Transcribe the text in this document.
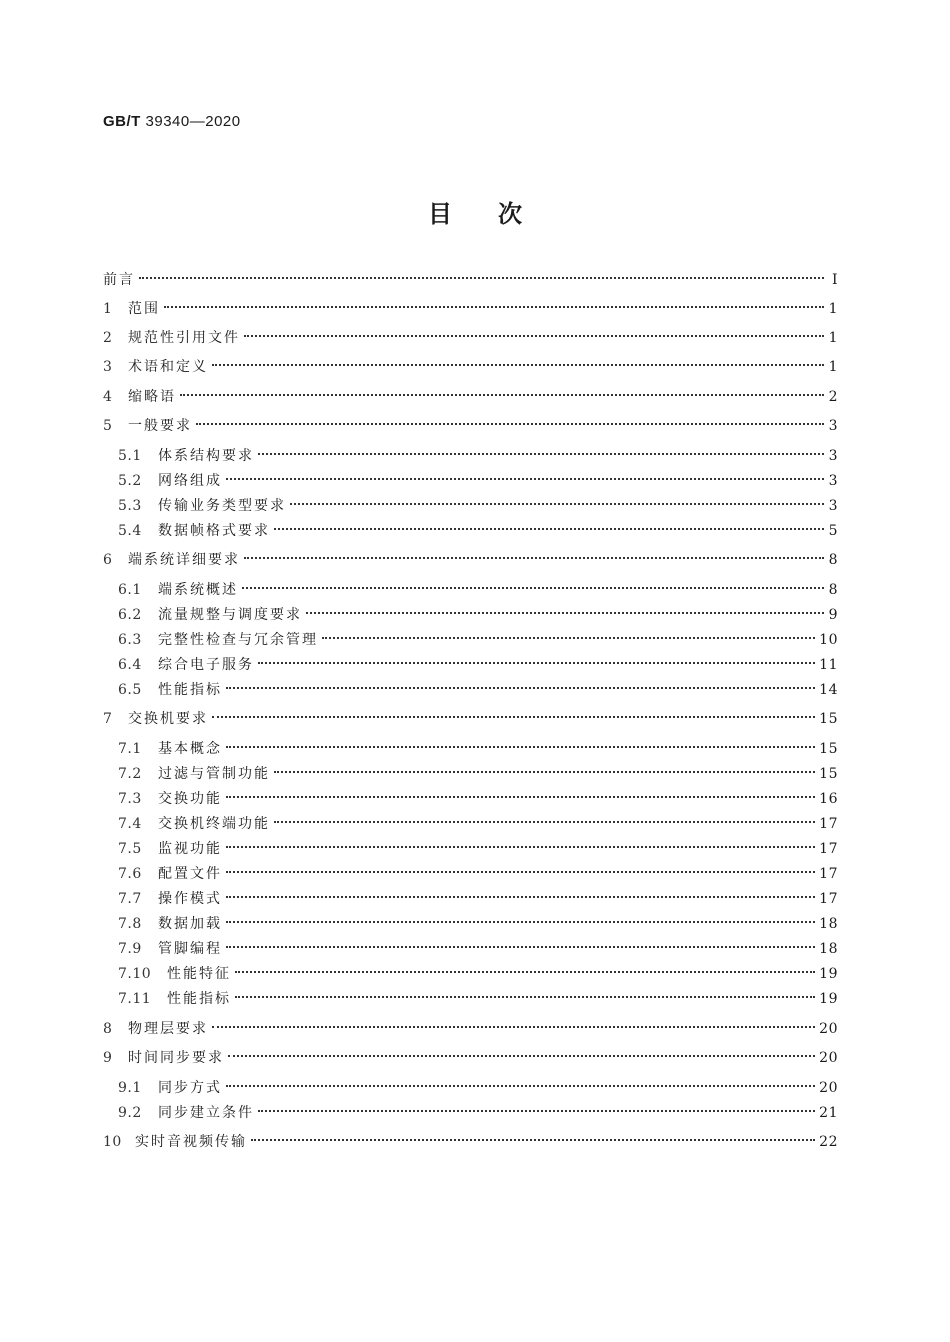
GB/T 39340—2020
目次
前言	Ⅰ
1	范围	1
2	规范性引用文件	1
3	术语和定义	1
4	缩略语	2
5	一般要求	3
5.1	体系结构要求	3
5.2	网络组成	3
5.3	传输业务类型要求	3
5.4	数据帧格式要求	5
6	端系统详细要求	8
6.1	端系统概述	8
6.2	流量规整与调度要求	9
6.3	完整性检查与冗余管理	10
6.4	综合电子服务	11
6.5	性能指标	14
7	交换机要求	15
7.1	基本概念	15
7.2	过滤与管制功能	15
7.3	交换功能	16
7.4	交换机终端功能	17
7.5	监视功能	17
7.6	配置文件	17
7.7	操作模式	17
7.8	数据加载	18
7.9	管脚编程	18
7.10	性能特征	19
7.11	性能指标	19
8	物理层要求	20
9	时间同步要求	20
9.1	同步方式	20
9.2	同步建立条件	21
10 实时音视频传输	22
